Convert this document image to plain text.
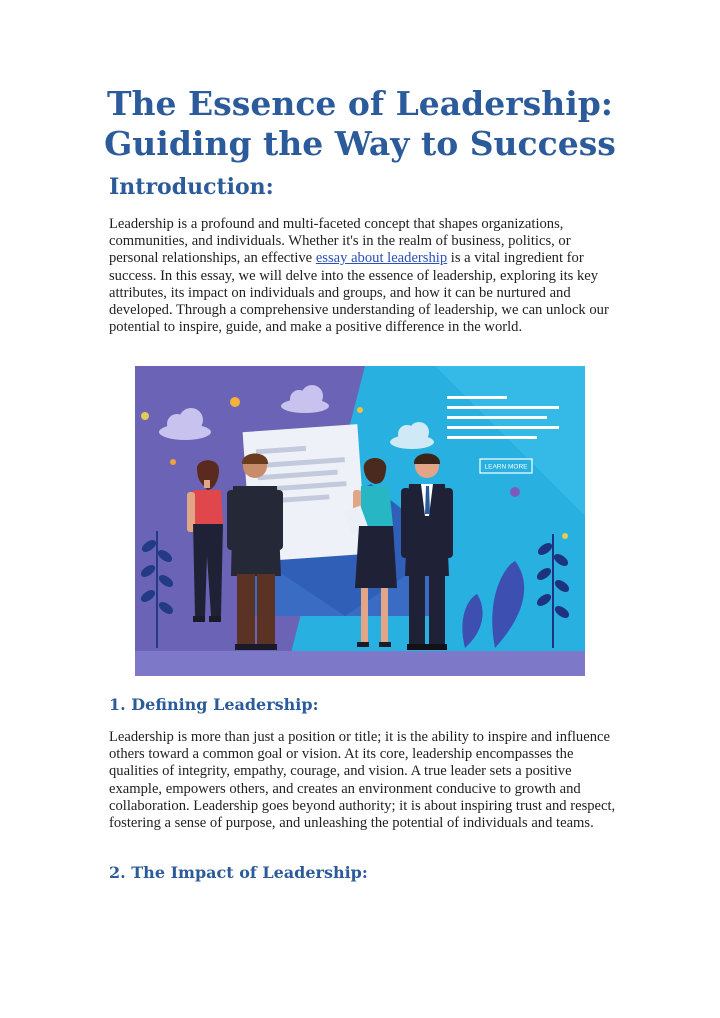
The Essence of Leadership:
Guiding the Way to Success
Introduction:

Leadership is a profound and multi-faceted concept that shapes organizations, communities, and individuals. Whether it's in the realm of business, politics, or personal relationships, an effective essay about leadership is a vital ingredient for success. In this essay, we will delve into the essence of leadership, exploring its key attributes, its impact on individuals and groups, and how it can be nurtured and developed. Through a comprehensive understanding of leadership, we can unlock our potential to inspire, guide, and make a positive difference in the world.

LEARN MORE
1. Defining Leadership:

Leadership is more than just a position or title; it is the ability to inspire and influence others toward a common goal or vision. At its core, leadership encompasses the qualities of integrity, empathy, courage, and vision. A true leader sets a positive example, empowers others, and creates an environment conducive to growth and collaboration. Leadership goes beyond authority; it is about inspiring trust and respect, fostering a sense of purpose, and unleashing the potential of individuals and teams.

2. The Impact of Leadership:
